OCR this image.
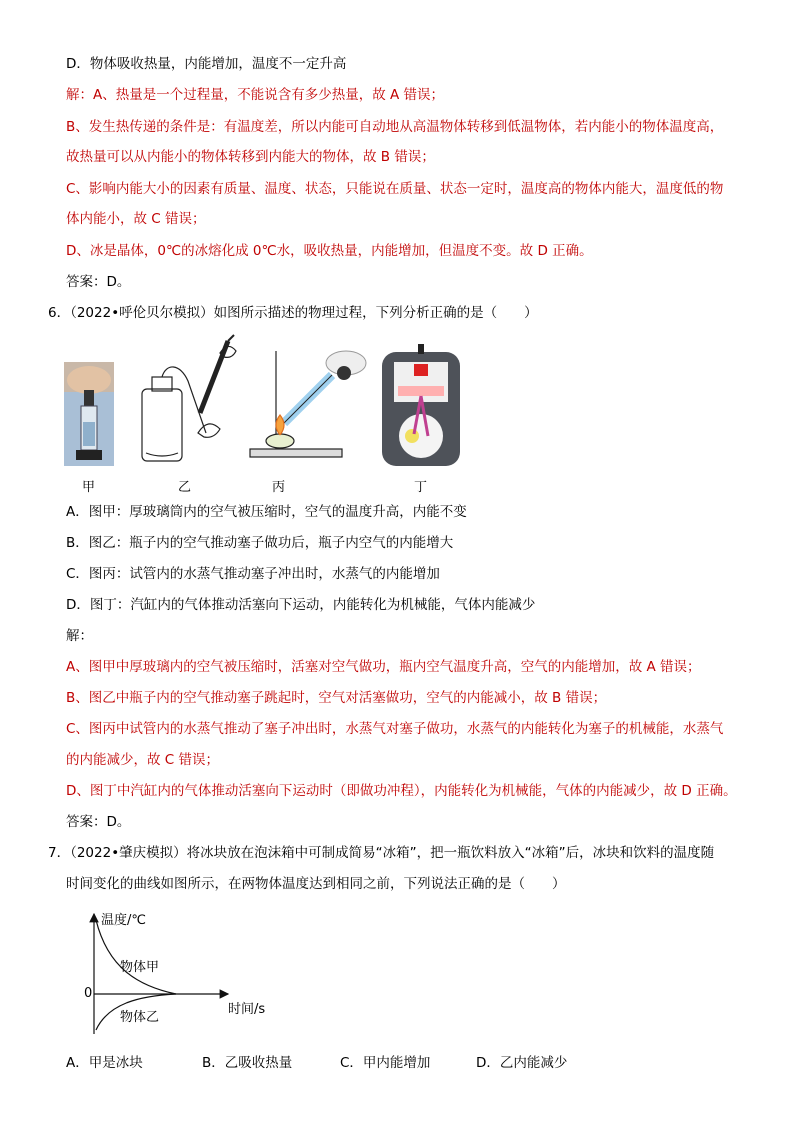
D．物体吸收热量，内能增加，温度不一定升高
解：A、热量是一个过程量，不能说含有多少热量，故 A 错误；
B、发生热传递的条件是：有温度差，所以内能可自动地从高温物体转移到低温物体，若内能小的物体温度高，
故热量可以从内能小的物体转移到内能大的物体，故 B 错误；
C、影响内能大小的因素有质量、温度、状态，只能说在质量、状态一定时，温度高的物体内能大，温度低的物
体内能小，故 C 错误；
D、冰是晶体，0℃的冰熔化成 0℃水，吸收热量，内能增加，但温度不变。故 D 正确。
答案：D。
6．（2022•呼伦贝尔模拟）如图所示描述的物理过程，下列分析正确的是（　　）
甲	乙	丙	丁
A．图甲：厚玻璃筒内的空气被压缩时，空气的温度升高，内能不变
B．图乙：瓶子内的空气推动塞子做功后，瓶子内空气的内能增大
C．图丙：试管内的水蒸气推动塞子冲出时，水蒸气的内能增加
D．图丁：汽缸内的气体推动活塞向下运动，内能转化为机械能，气体内能减少
解：
A、图甲中厚玻璃内的空气被压缩时，活塞对空气做功，瓶内空气温度升高，空气的内能增加，故 A 错误；
B、图乙中瓶子内的空气推动塞子跳起时，空气对活塞做功，空气的内能减小，故 B 错误；
C、图丙中试管内的水蒸气推动了塞子冲出时，水蒸气对塞子做功，水蒸气的内能转化为塞子的机械能，水蒸气
的内能减少，故 C 错误；
D、图丁中汽缸内的气体推动活塞向下运动时（即做功冲程），内能转化为机械能，气体的内能减少，故 D 正确。
答案：D。
7．（2022•肇庆模拟）将冰块放在泡沫箱中可制成简易“冰箱”，把一瓶饮料放入“冰箱”后，冰块和饮料的温度随
时间变化的曲线如图所示，在两物体温度达到相同之前，下列说法正确的是（　　）
温度/℃
0
时间/s
物体甲
物体乙
A．甲是冰块	B．乙吸收热量	C．甲内能增加	D．乙内能减少
